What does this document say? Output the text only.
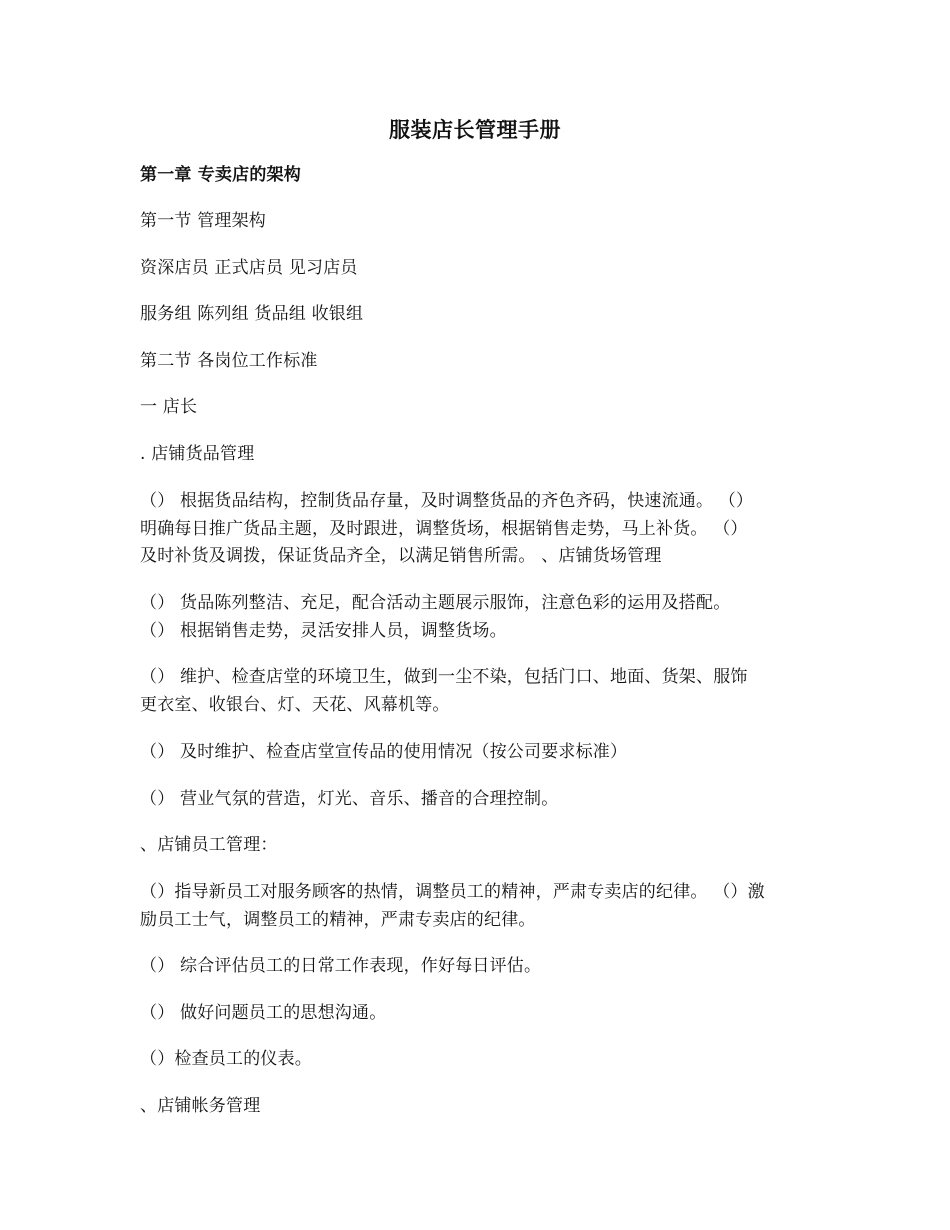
服装店长管理手册
第一章 专卖店的架构
第一节 管理架构
资深店员 正式店员 见习店员
服务组 陈列组 货品组 收银组
第二节 各岗位工作标准
一 店长
. 店铺货品管理
（） 根据货品结构，控制货品存量，及时调整货品的齐色齐码，快速流通。 （）
明确每日推广货品主题，及时跟进，调整货场，根据销售走势，马上补货。 （）
及时补货及调拨，保证货品齐全，以满足销售所需。 、店铺货场管理
（） 货品陈列整洁、充足，配合活动主题展示服饰，注意色彩的运用及搭配。
（） 根据销售走势，灵活安排人员，调整货场。
（） 维护、检查店堂的环境卫生，做到一尘不染，包括门口、地面、货架、服饰
更衣室、收银台、灯、天花、风幕机等。
（） 及时维护、检查店堂宣传品的使用情况（按公司要求标准）
（） 营业气氛的营造，灯光、音乐、播音的合理控制。
、店铺员工管理：
（）指导新员工对服务顾客的热情，调整员工的精神，严肃专卖店的纪律。 （）激
励员工士气，调整员工的精神，严肃专卖店的纪律。
（） 综合评估员工的日常工作表现，作好每日评估。
（） 做好问题员工的思想沟通。
（）检查员工的仪表。
、店铺帐务管理
